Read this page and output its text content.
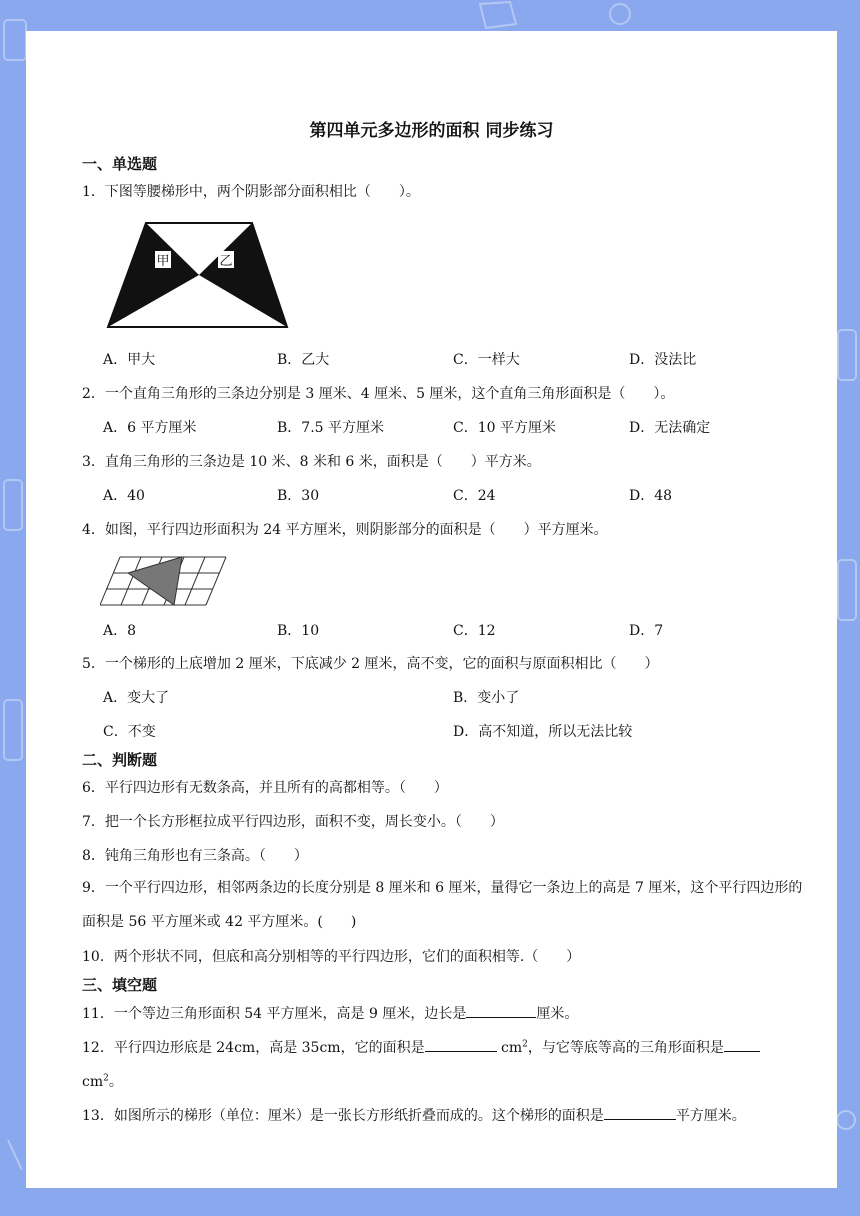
第四单元多边形的面积 同步练习
一、单选题
1．下图等腰梯形中，两个阴影部分面积相比（　　）。
甲	乙
A．甲大	B．乙大	C．一样大	D．没法比
2．一个直角三角形的三条边分别是 3 厘米、4 厘米、5 厘米，这个直角三角形面积是（　　）。
A．6 平方厘米	B．7.5 平方厘米	C．10 平方厘米	D．无法确定
3．直角三角形的三条边是 10 米、8 米和 6 米，面积是（　　）平方米。
A．40	B．30	C．24	D．48
4．如图，平行四边形面积为 24 平方厘米，则阴影部分的面积是（　　）平方厘米。
A．8	B．10	C．12	D．7
5．一个梯形的上底增加 2 厘米，下底减少 2 厘米，高不变，它的面积与原面积相比（　　）
A．变大了	B．变小了
C．不变	D．高不知道，所以无法比较
二、判断题
6．平行四边形有无数条高，并且所有的高都相等。（　　）
7．把一个长方形框拉成平行四边形，面积不变，周长变小。（　　）
8．钝角三角形也有三条高。（　　）
9．一个平行四边形，相邻两条边的长度分别是 8 厘米和 6 厘米，量得它一条边上的高是 7 厘米，这个平行四边形的面积是 56 平方厘米或 42 平方厘米。(　　)
10．两个形状不同，但底和高分别相等的平行四边形，它们的面积相等.（　　）
三、填空题
11．一个等边三角形面积 54 平方厘米，高是 9 厘米，边长是	厘米。
12．平行四边形底是 24cm，高是 35cm，它的面积是	$cm^2$，与它等底等高的三角形面积是
$cm^2$。
13．如图所示的梯形（单位：厘米）是一张长方形纸折叠而成的。这个梯形的面积是	平方厘米。
